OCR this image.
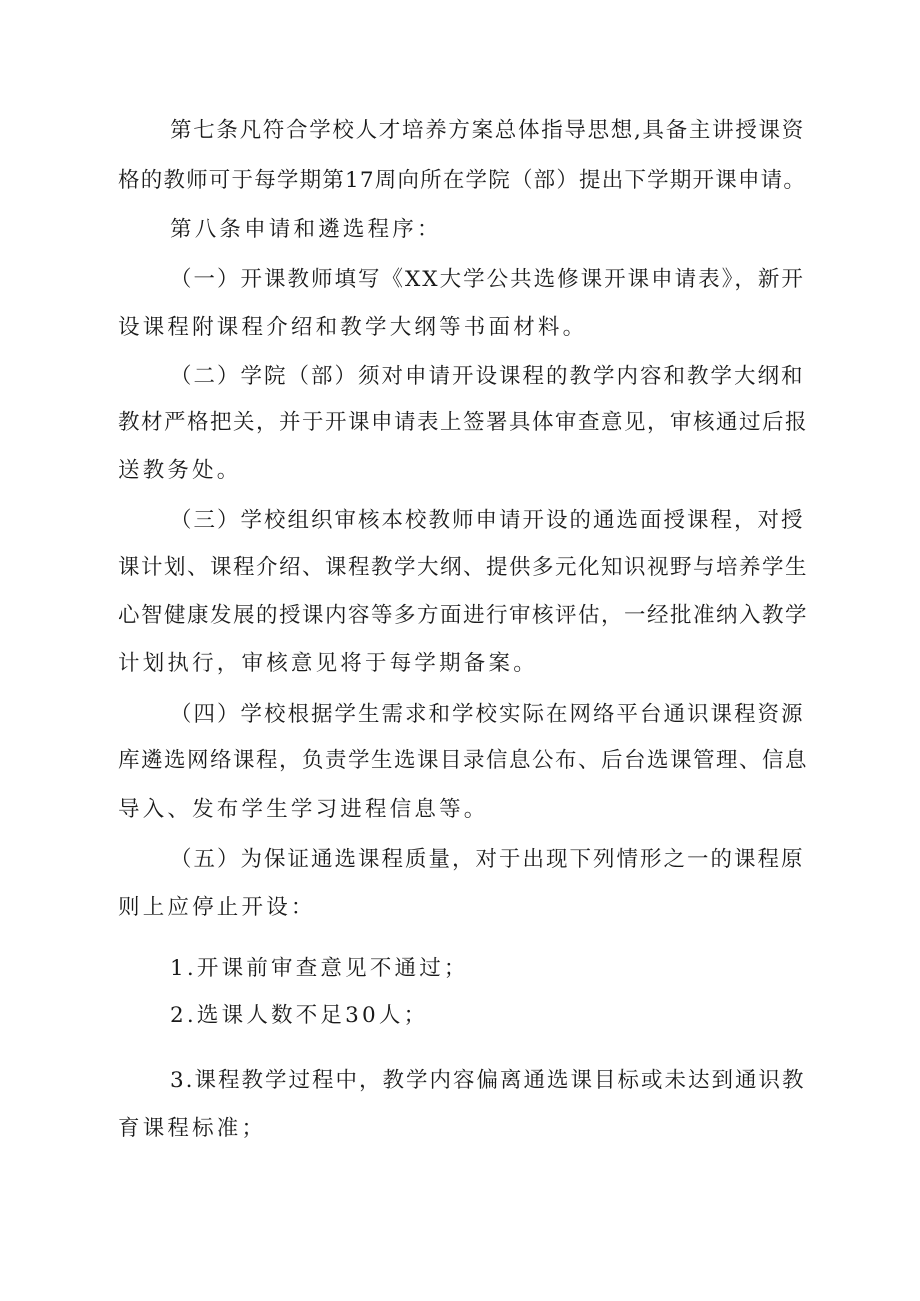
第七条凡符合学校人才培养方案总体指导思想,具备主讲授课资
格的教师可于每学期第17周向所在学院（部）提出下学期开课申请。
第八条申请和遴选程序：
（一）开课教师填写《XX大学公共选修课开课申请表》，新开
设课程附课程介绍和教学大纲等书面材料。
（二）学院（部）须对申请开设课程的教学内容和教学大纲和
教材严格把关，并于开课申请表上签署具体审查意见，审核通过后报
送教务处。
（三）学校组织审核本校教师申请开设的通选面授课程，对授
课计划、课程介绍、课程教学大纲、提供多元化知识视野与培养学生
心智健康发展的授课内容等多方面进行审核评估，一经批准纳入教学
计划执行，审核意见将于每学期备案。
（四）学校根据学生需求和学校实际在网络平台通识课程资源
库遴选网络课程，负责学生选课目录信息公布、后台选课管理、信息
导入、发布学生学习进程信息等。
（五）为保证通选课程质量，对于出现下列情形之一的课程原
则上应停止开设：
1.开课前审查意见不通过；
2.选课人数不足30人；
3.课程教学过程中，教学内容偏离通选课目标或未达到通识教
育课程标准；
